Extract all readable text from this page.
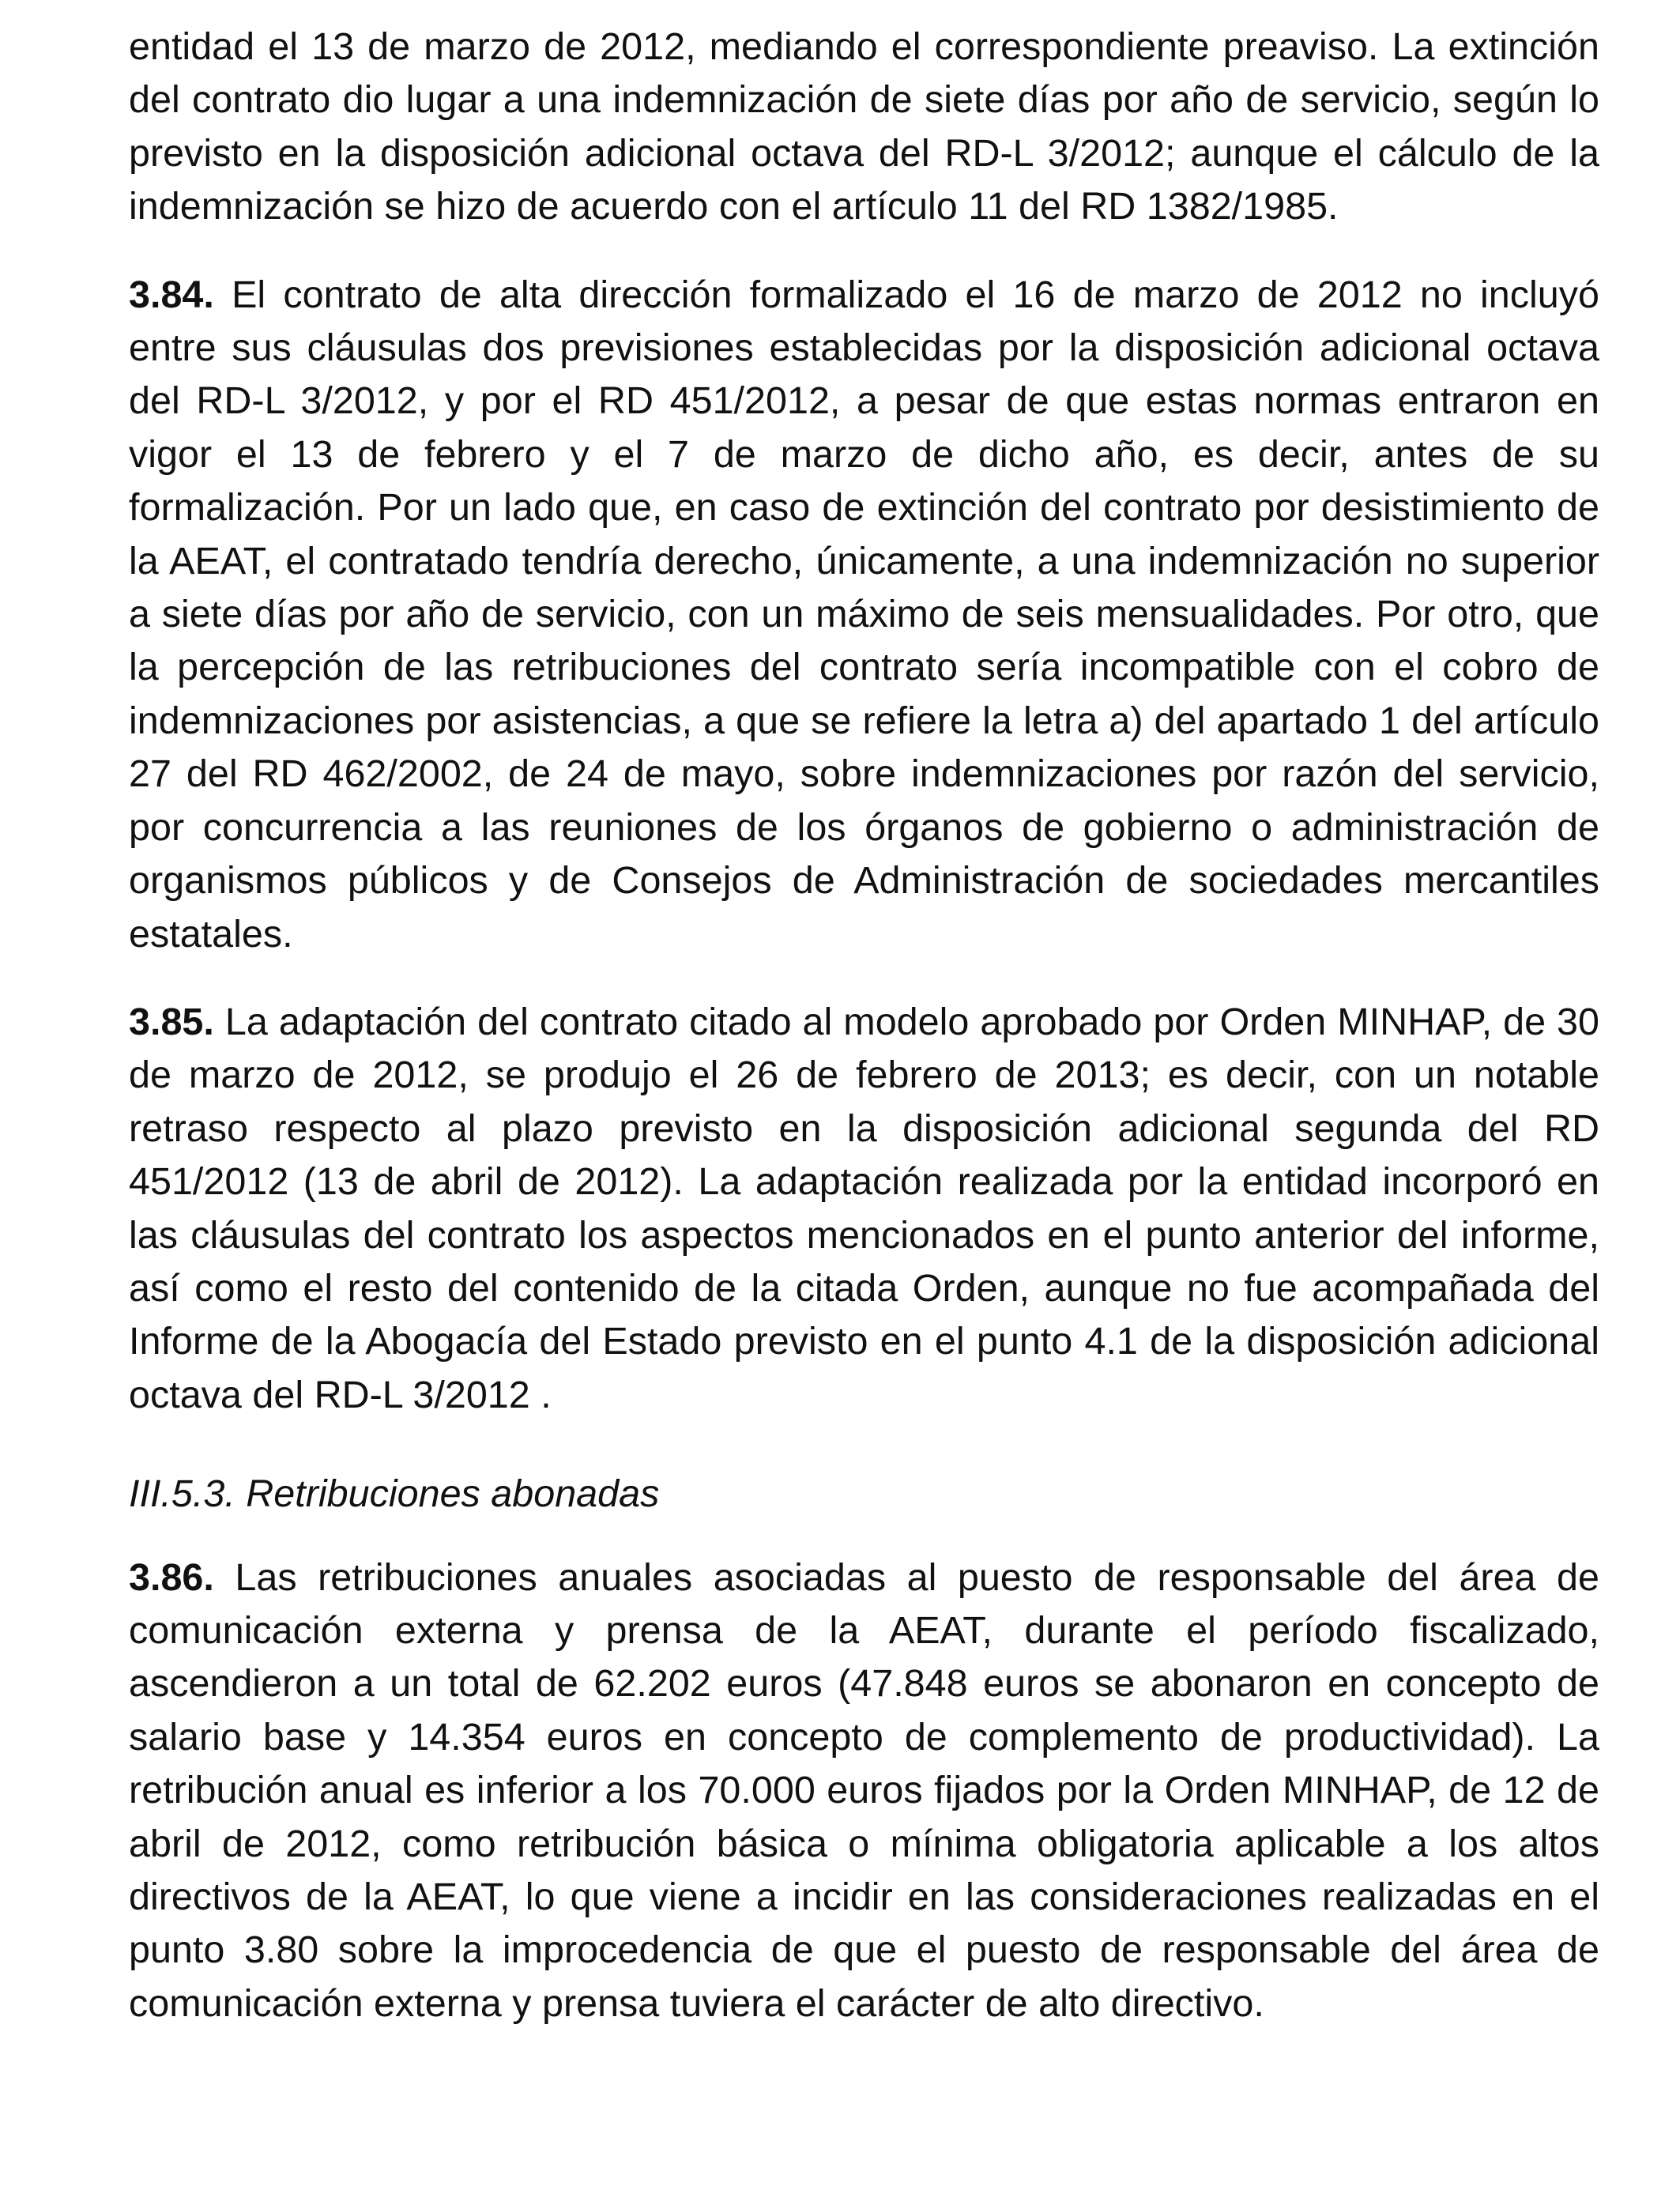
entidad el 13 de marzo de 2012, mediando el correspondiente preaviso. La extinción del contrato dio lugar a una indemnización de siete días por año de servicio, según lo previsto en la disposición adicional octava del RD-L 3/2012; aunque el cálculo de la indemnización se hizo de acuerdo con el artículo 11 del RD 1382/1985.

3.84. El contrato de alta dirección formalizado el 16 de marzo de 2012 no incluyó entre sus cláusulas dos previsiones establecidas por la disposición adicional octava del RD-L 3/2012, y por el RD 451/2012, a pesar de que estas normas entraron en vigor el 13 de febrero y el 7 de marzo de dicho año, es decir, antes de su formalización. Por un lado que, en caso de extinción del contrato por desistimiento de la AEAT, el contratado tendría derecho, únicamente, a una indemnización no superior a siete días por año de servicio, con un máximo de seis mensualidades. Por otro, que la percepción de las retribuciones del contrato sería incompatible con el cobro de indemnizaciones por asistencias, a que se refiere la letra a) del apartado 1 del artículo 27 del RD 462/2002, de 24 de mayo, sobre indemnizaciones por razón del servicio, por concurrencia a las reuniones de los órganos de gobierno o administración de organismos públicos y de Consejos de Administración de sociedades mercantiles estatales.

3.85. La adaptación del contrato citado al modelo aprobado por Orden MINHAP, de 30 de marzo de 2012, se produjo el 26 de febrero de 2013; es decir, con un notable retraso respecto al plazo previsto en la disposición adicional segunda del RD 451/2012 (13 de abril de 2012). La adaptación realizada por la entidad incorporó en las cláusulas del contrato los aspectos mencionados en el punto anterior del informe, así como el resto del contenido de la citada Orden, aunque no fue acompañada del Informe de la Abogacía del Estado previsto en el punto 4.1 de la disposición adicional octava del RD-L 3/2012 .

III.5.3. Retribuciones abonadas

3.86. Las retribuciones anuales asociadas al puesto de responsable del área de comunicación externa y prensa de la AEAT, durante el período fiscalizado, ascendieron a un total de 62.202 euros (47.848 euros se abonaron en concepto de salario base y 14.354 euros en concepto de complemento de productividad). La retribución anual es inferior a los 70.000 euros fijados por la Orden MINHAP, de 12 de abril de 2012, como retribución básica o mínima obligatoria aplicable a los altos directivos de la AEAT, lo que viene a incidir en las consideraciones realizadas en el punto 3.80 sobre la improcedencia de que el puesto de responsable del área de comunicación externa y prensa tuviera el carácter de alto directivo.
